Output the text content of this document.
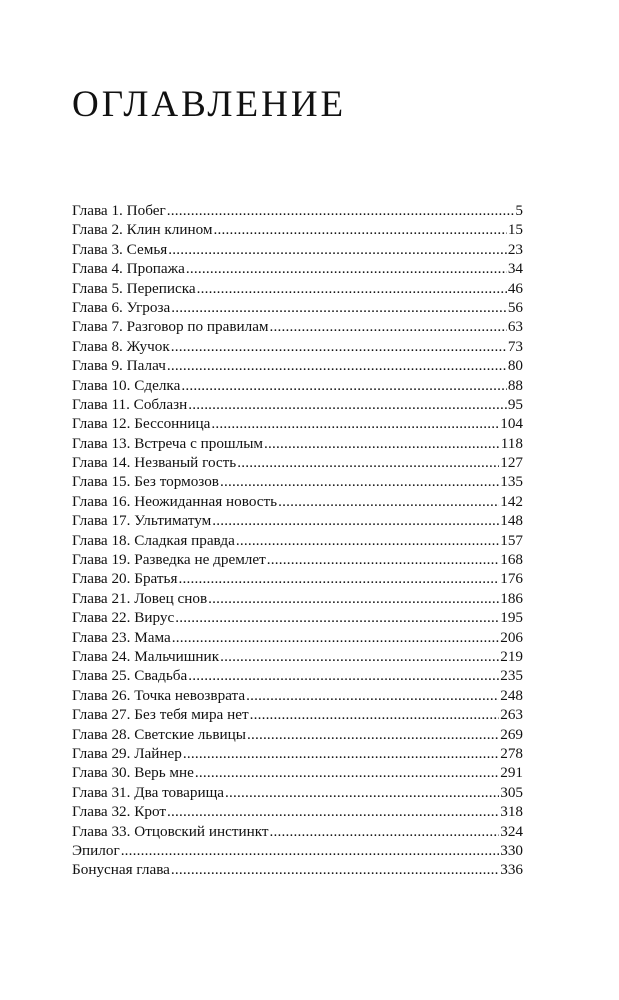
ОГЛАВЛЕНИЕ
Глава 1. Побег .....	5
Глава 2. Клин клином .....	15
Глава 3. Семья .....	23
Глава 4. Пропажа .....	34
Глава 5. Переписка .....	46
Глава 6. Угроза .....	56
Глава 7. Разговор по правилам .....	63
Глава 8. Жучок .....	73
Глава 9. Палач .....	80
Глава 10. Сделка .....	88
Глава 11. Соблазн .....	95
Глава 12. Бессонница .....	104
Глава 13. Встреча с прошлым .....	118
Глава 14. Незваный гость .....	127
Глава 15. Без тормозов .....	135
Глава 16. Неожиданная новость .....	142
Глава 17. Ультиматум .....	148
Глава 18. Сладкая правда .....	157
Глава 19. Разведка не дремлет .....	168
Глава 20. Братья .....	176
Глава 21. Ловец снов .....	186
Глава 22. Вирус .....	195
Глава 23. Мама .....	206
Глава 24. Мальчишник .....	219
Глава 25. Свадьба .....	235
Глава 26. Точка невозврата .....	248
Глава 27. Без тебя мира нет .....	263
Глава 28. Светские львицы .....	269
Глава 29. Лайнер .....	278
Глава 30. Верь мне .....	291
Глава 31. Два товарища .....	305
Глава 32. Крот .....	318
Глава 33. Отцовский инстинкт .....	324
Эпилог .....	330
Бонусная глава .....	336
